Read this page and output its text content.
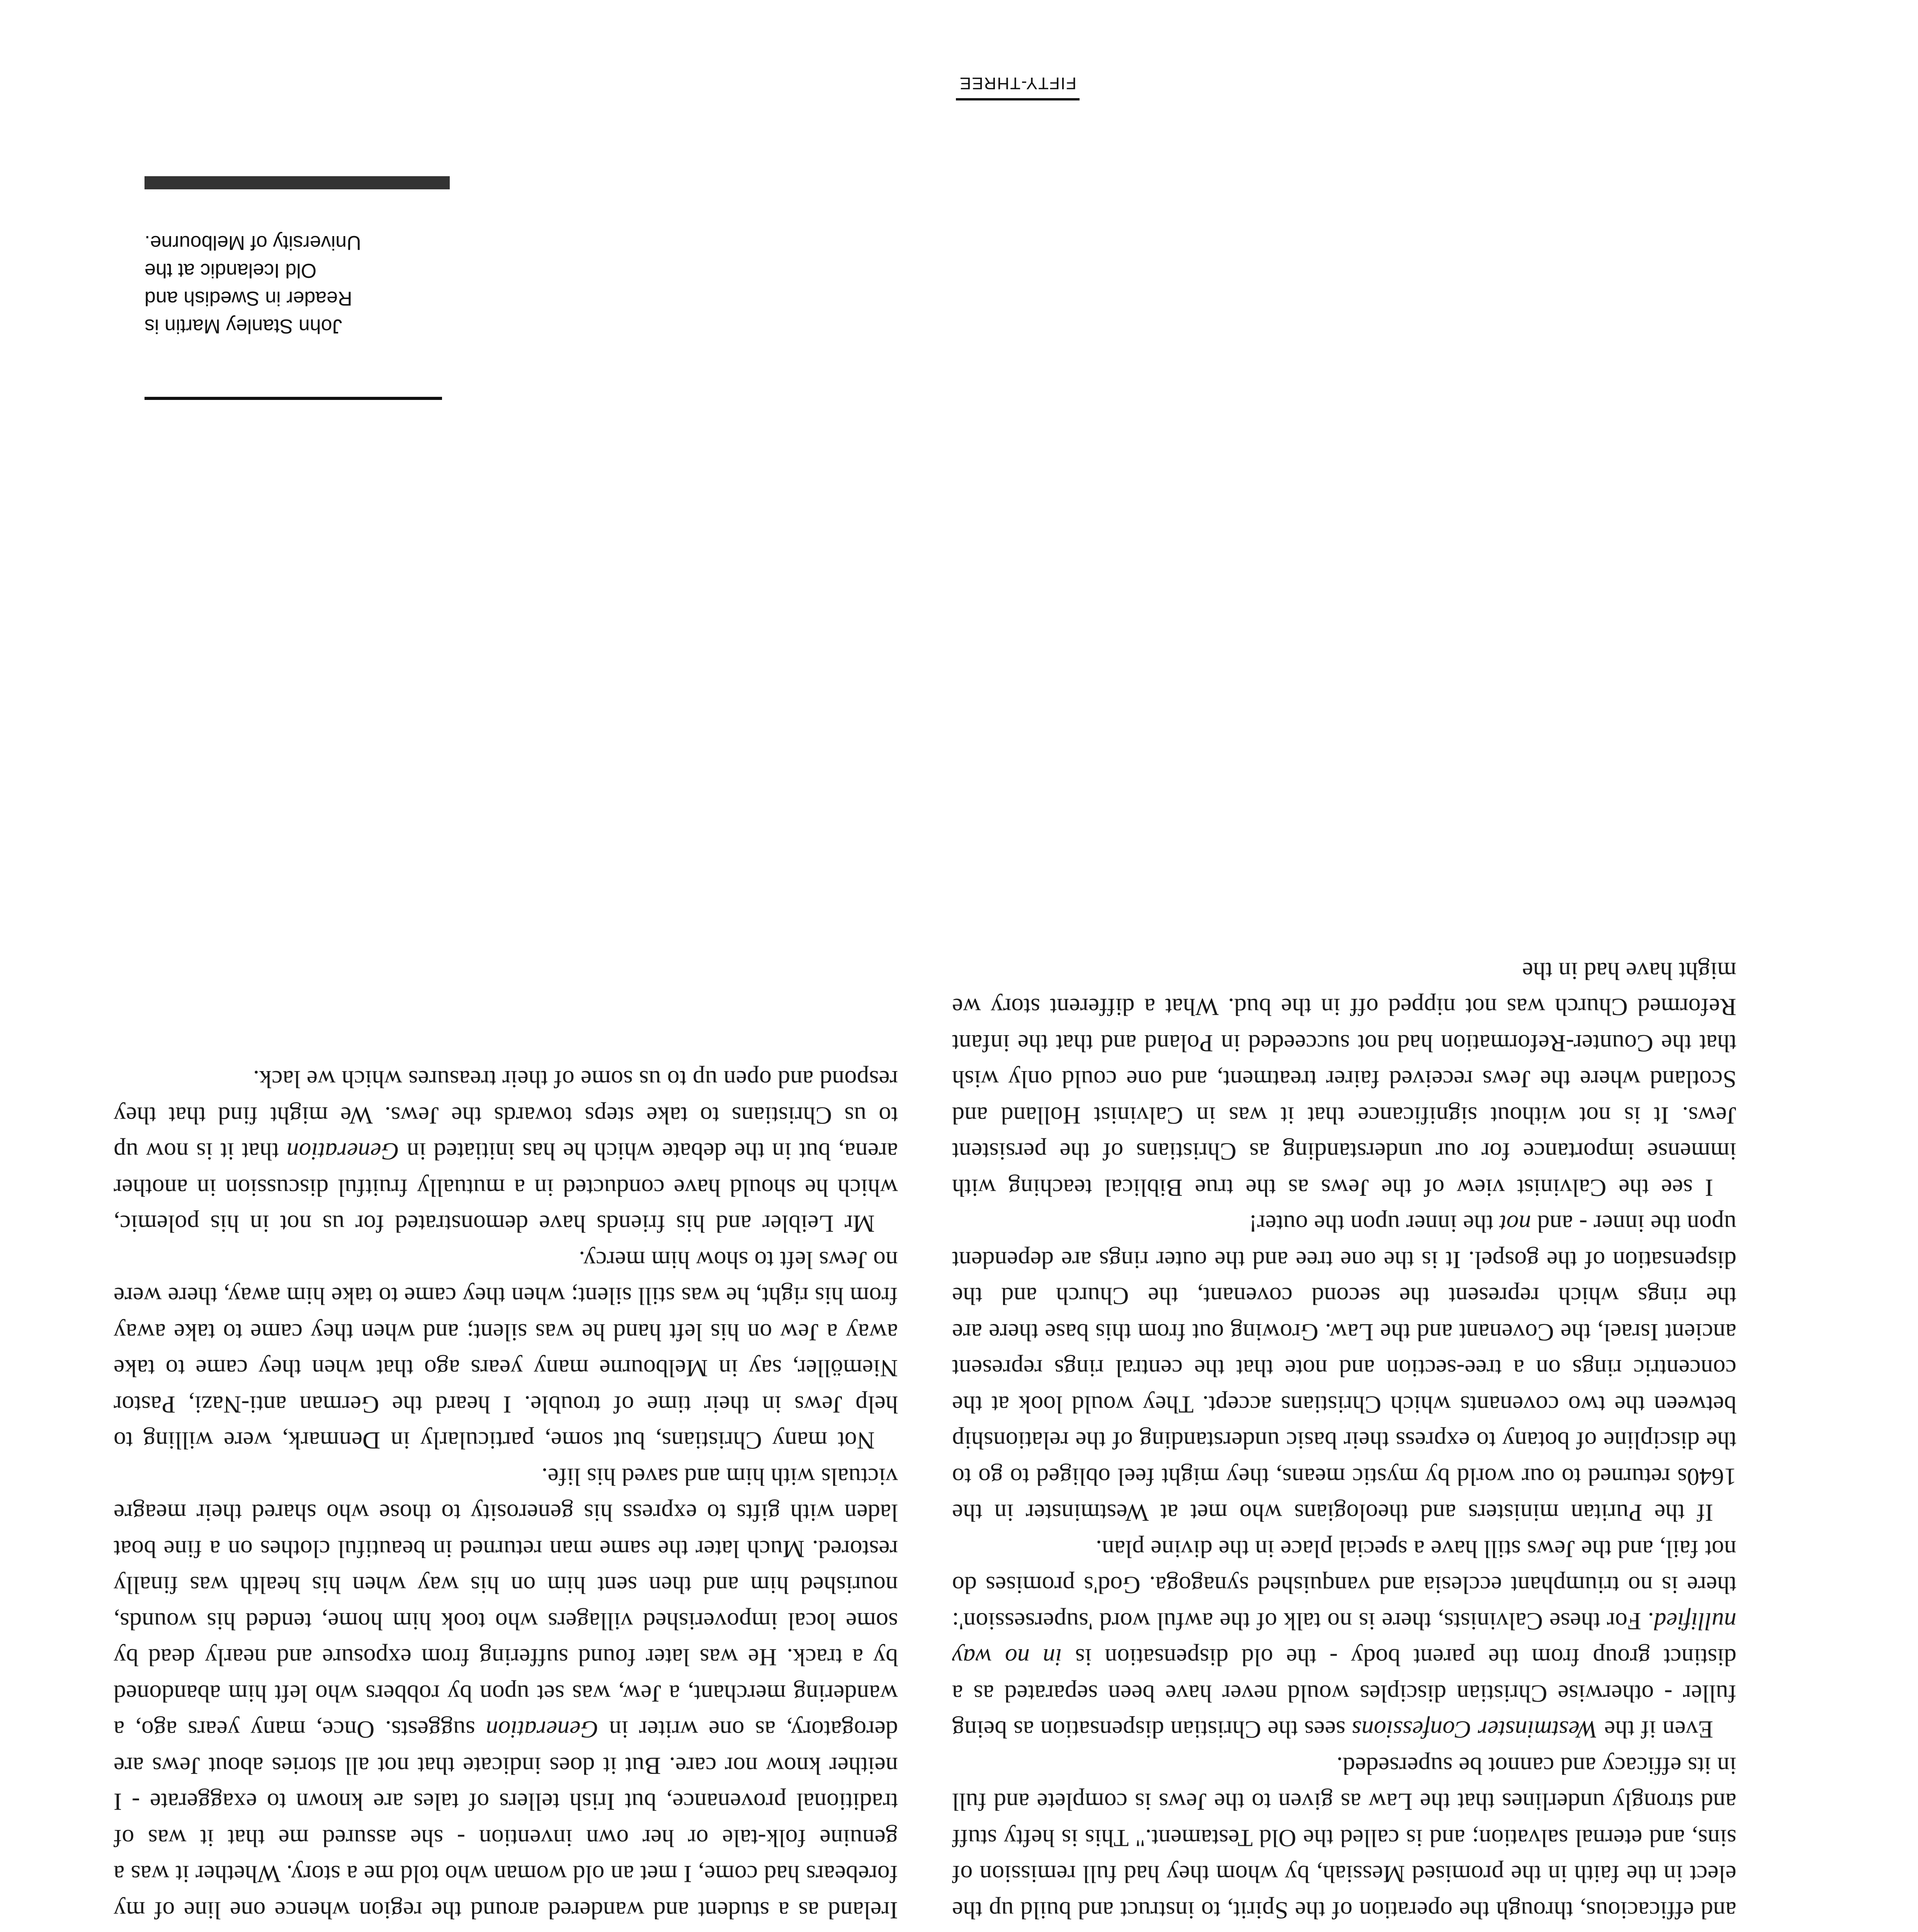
and efficacious, through the operation of the Spirit, to instruct and build up the elect in the faith in the promised Messiah, by whom they had full remission of sins, and eternal salvation; and is called the Old Testament." This is hefty stuff and strongly underlines that the Law as given to the Jews is complete and full in its efficacy and cannot be superseded.

Even if the Westminster Confessions sees the Christian dispensation as being fuller - otherwise Christian disciples would never have been separated as a distinct group from the parent body - the old dispensation is in no way nullified. For these Calvinists, there is no talk of the awful word 'supersession': there is no triumphant ecclesia and vanquished synagoga. God's promises do not fail, and the Jews still have a special place in the divine plan.

If the Puritan ministers and theologians who met at Westminster in the 1640s returned to our world by mystic means, they might feel obliged to go to the discipline of botany to express their basic understanding of the relationship between the two covenants which Christians accept. They would look at the concentric rings on a tree-section and note that the central rings represent ancient Israel, the Covenant and the Law. Growing out from this base there are the rings which represent the second covenant, the Church and the dispensation of the gospel. It is the one tree and the outer rings are dependent upon the inner - and not the inner upon the outer!

I see the Calvinist view of the Jews as the true Biblical teaching with immense importance for our understanding as Christians of the persistent Jews. It is not without significance that it was in Calvinist Holland and Scotland where the Jews received fairer treatment, and one could only wish that the Counter-Reformation had not succeeded in Poland and that the infant Reformed Church was not nipped off in the bud. What a different story we might have had in the

Ireland as a student and wandered around the region whence one line of my forebears had come, I met an old woman who told me a story. Whether it was a genuine folk-tale or her own invention - she assured me that it was of traditional provenance, but Irish tellers of tales are known to exaggerate - I neither know nor care. But it does indicate that not all stories about Jews are derogatory, as one writer in Generation suggests. Once, many years ago, a wandering merchant, a Jew, was set upon by robbers who left him abandoned by a track. He was later found suffering from exposure and nearly dead by some local impoverished villagers who took him home, tended his wounds, nourished him and then sent him on his way when his health was finally restored. Much later the same man returned in beautiful clothes on a fine boat laden with gifts to express his generosity to those who shared their meagre victuals with him and saved his life.

Not many Christians, but some, particularly in Denmark, were willing to help Jews in their time of trouble. I heard the German anti-Nazi, Pastor Niemöller, say in Melbourne many years ago that when they came to take away a Jew on his left hand he was silent; and when they came to take away from his right, he was still silent; when they came to take him away, there were no Jews left to show him mercy.

Mr Leibler and his friends have demonstrated for us not in his polemic, which he should have conducted in a mutually fruitful discussion in another arena, but in the debate which he has initiated in Generation that it is now up to us Christians to take steps towards the Jews. We might find that they respond and open up to us some of their treasures which we lack.

John Stanley Martin is
Reader in Swedish and
Old Icelandic at the
University of Melbourne.
FIFTY-THREE
